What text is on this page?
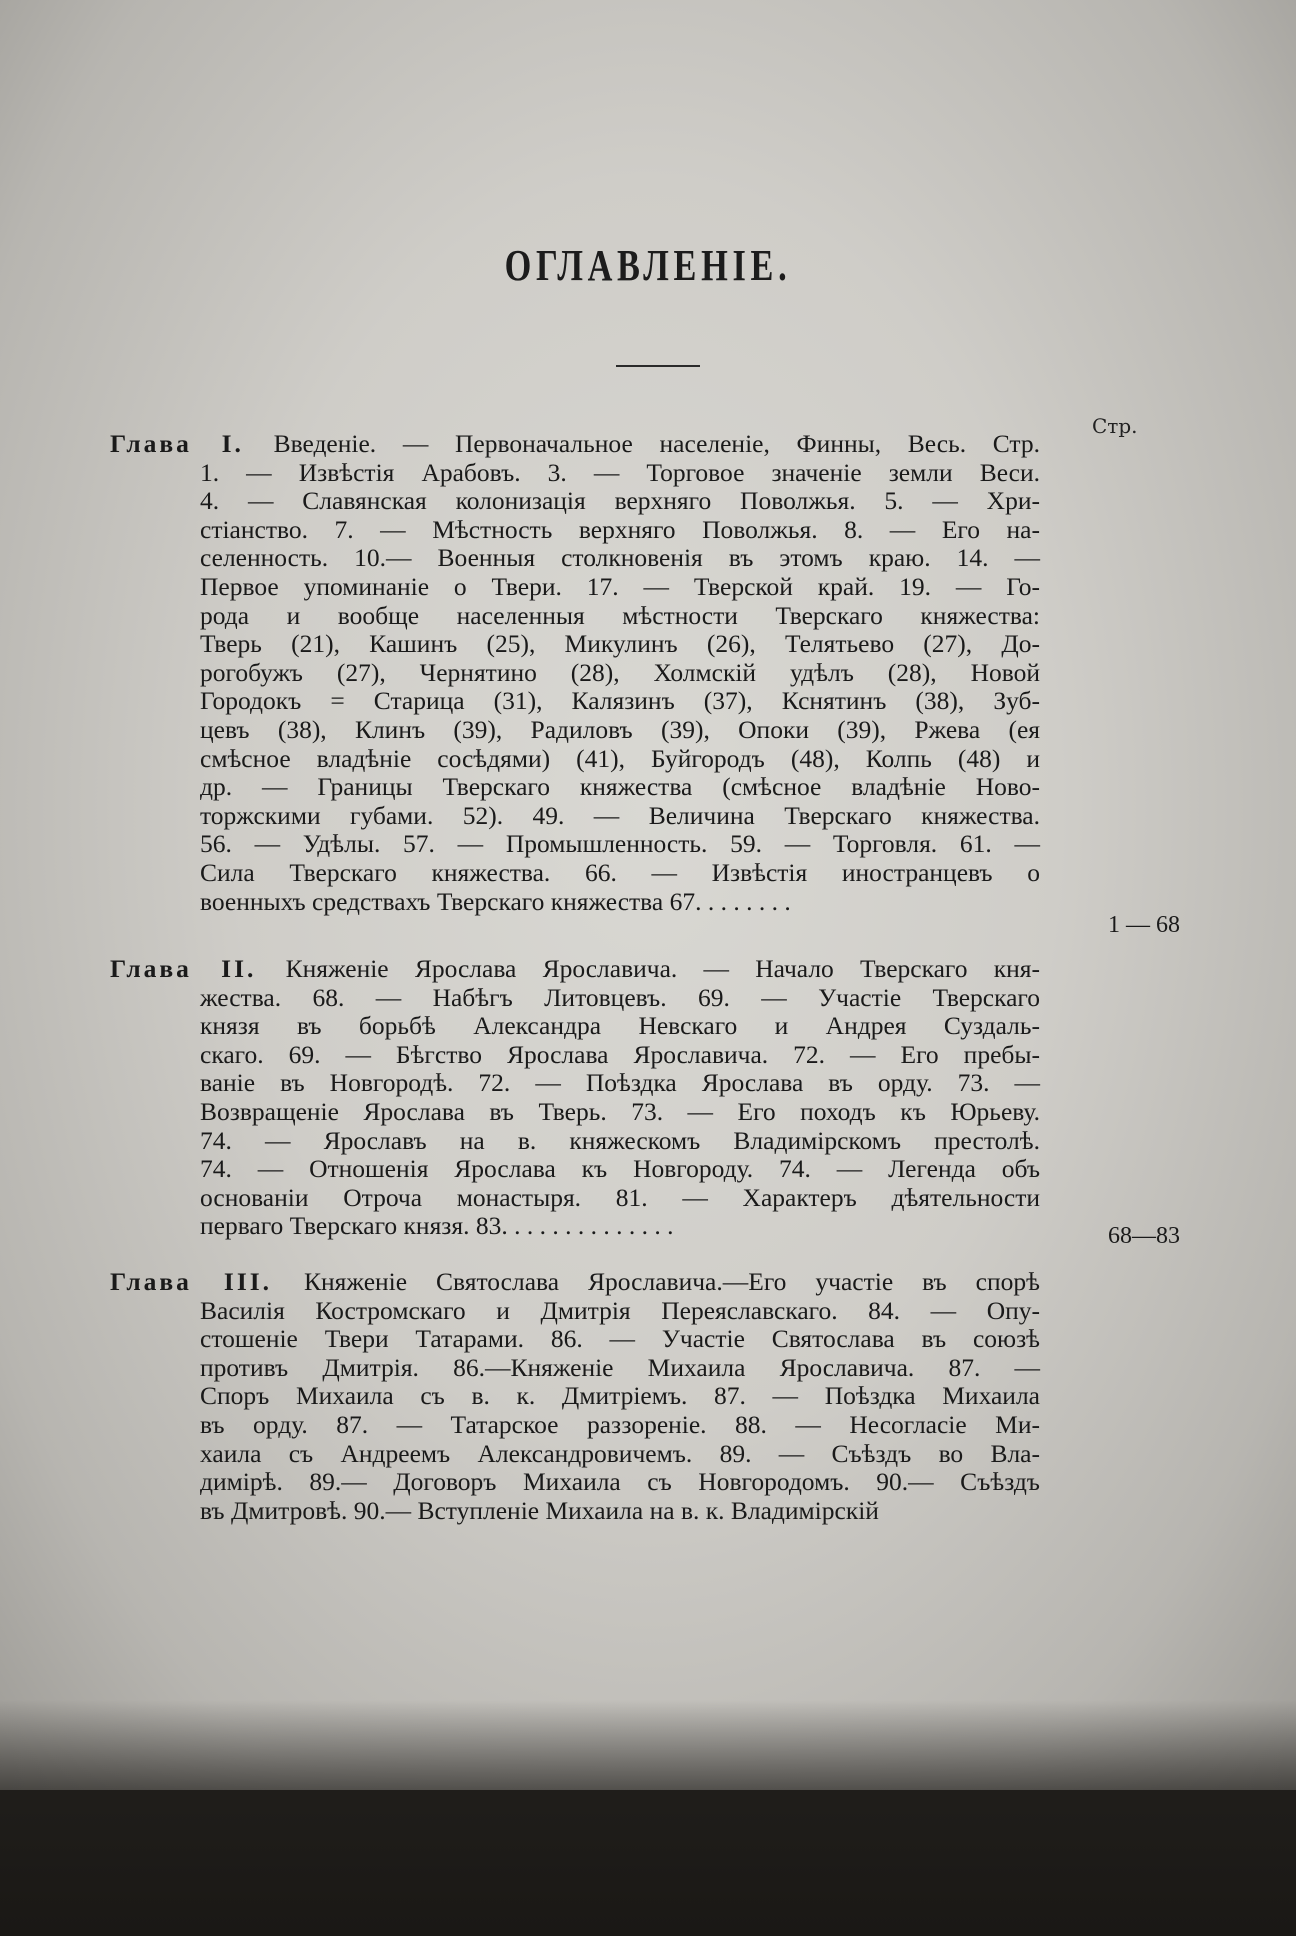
ОГЛАВЛЕНІЕ.
Стр.
Глава I. Введеніе. — Первоначальное населеніе, Финны, Весь. Стр.
1. — Извѣстія Арабовъ. 3. — Торговое значеніе земли Веси.
4. — Славянская колонизація верхняго Поволжья. 5. — Хри-
стіанство. 7. — Мѣстность верхняго Поволжья. 8. — Его на-
селенность. 10.— Военныя столкновенія въ этомъ краю. 14. —
Первое упоминаніе о Твери. 17. — Тверской край. 19. — Го-
рода и вообще населенныя мѣстности Тверскаго княжества:
Тверь (21), Кашинъ (25), Микулинъ (26), Телятьево (27), До-
рогобужъ (27), Чернятино (28), Холмскій удѣлъ (28), Новой
Городокъ = Старица (31), Калязинъ (37), Кснятинъ (38), Зуб-
цевъ (38), Клинъ (39), Радиловъ (39), Опоки (39), Ржева (ея
смѣсное владѣніе сосѣдями) (41), Буйгородъ (48), Колпь (48) и
др. — Границы Тверскаго княжества (смѣсное владѣніе Ново-
торжскими губами. 52). 49. — Величина Тверскаго княжества.
56. — Удѣлы. 57. — Промышленность. 59. — Торговля. 61. —
Сила Тверскаго княжества. 66. — Извѣстія иностранцевъ о
военныхъ средствахъ Тверскаго княжества 67. . . . . . . .
1 — 68
Глава II. Княженіе Ярослава Ярославича. — Начало Тверскаго кня-
жества. 68. — Набѣгъ Литовцевъ. 69. — Участіе Тверскаго
князя въ борьбѣ Александра Невскаго и Андрея Суздаль-
скаго. 69. — Бѣгство Ярослава Ярославича. 72. — Его пребы-
ваніе въ Новгородѣ. 72. — Поѣздка Ярослава въ орду. 73. —
Возвращеніе Ярослава въ Тверь. 73. — Его походъ къ Юрьеву.
74. — Ярославъ на в. княжескомъ Владимірскомъ престолѣ.
74. — Отношенія Ярослава къ Новгороду. 74. — Легенда объ
основаніи Отроча монастыря. 81. — Характеръ дѣятельности
перваго Тверскаго князя. 83. . . . . . . . . . . . . .	68—83
Глава III. Княженіе Святослава Ярославича.—Его участіе въ спорѣ
Василія Костромскаго и Дмитрія Переяславскаго. 84. — Опу-
стошеніе Твери Татарами. 86. — Участіе Святослава въ союзѣ
противъ Дмитрія. 86.—Княженіе Михаила Ярославича. 87. —
Споръ Михаила съ в. к. Дмитріемъ. 87. — Поѣздка Михаила
въ орду. 87. — Татарское раззореніе. 88. — Несогласіе Ми-
хаила съ Андреемъ Александровичемъ. 89. — Съѣздъ во Вла-
димірѣ. 89.— Договоръ Михаила съ Новгородомъ. 90.— Съѣздъ
въ Дмитровѣ. 90.— Вступленіе Михаила на в. к. Владимірскій
